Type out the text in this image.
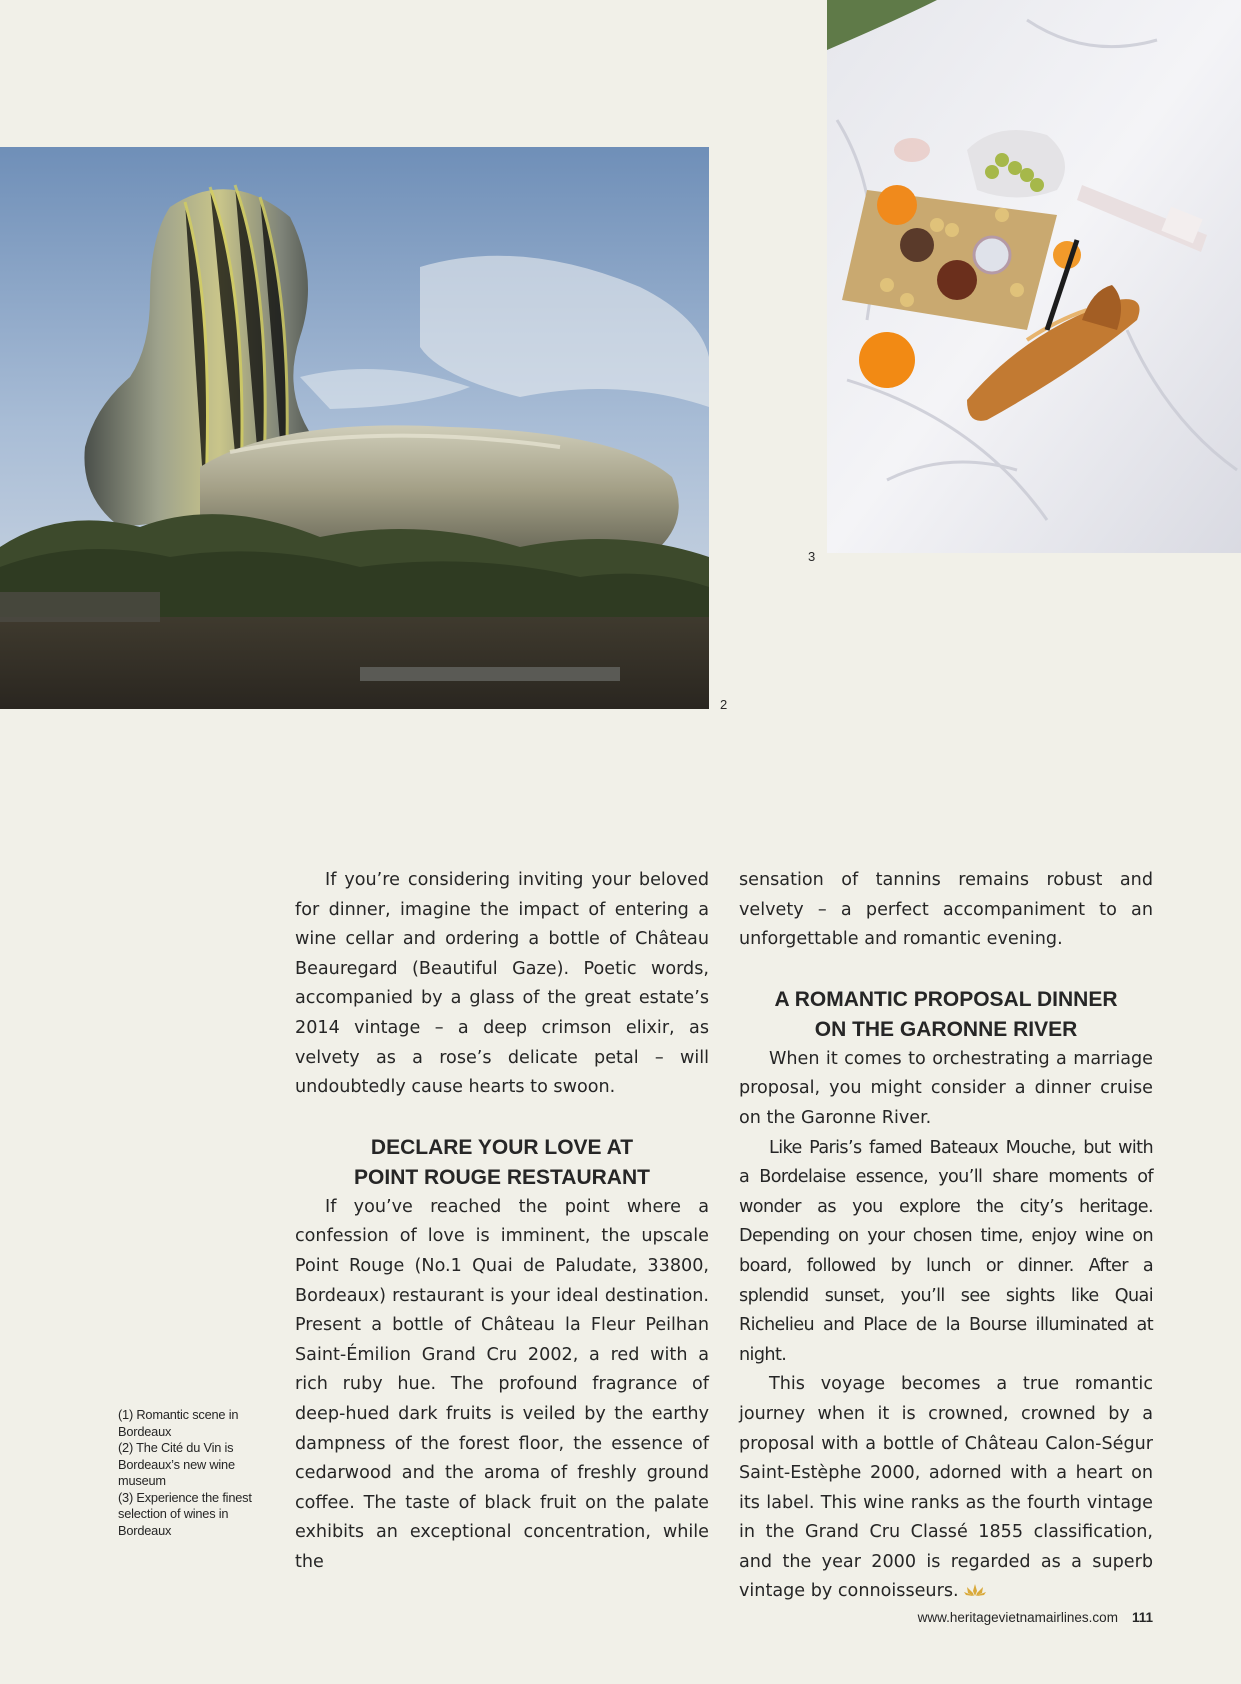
2
3

If you’re considering inviting your beloved for dinner, imagine the impact of entering a wine cellar and ordering a bottle of Château Beauregard (Beautiful Gaze). Poetic words, accompanied by a glass of the great estate’s 2014 vintage – a deep crimson elixir, as velvety as a rose’s delicate petal – will undoubtedly cause hearts to swoon.

DECLARE YOUR LOVE AT
POINT ROUGE RESTAURANT

If you’ve reached the point where a confession of love is imminent, the upscale Point Rouge (No.1 Quai de Paludate, 33800, Bordeaux) restaurant is your ideal destination. Present a bottle of Château la Fleur Peilhan Saint-Émilion Grand Cru 2002, a red with a rich ruby hue. The profound fragrance of deep-hued dark fruits is veiled by the earthy dampness of the forest floor, the essence of cedarwood and the aroma of freshly ground coffee. The taste of black fruit on the palate exhibits an exceptional concentration, while the

sensation of tannins remains robust and velvety – a perfect accompaniment to an unforgettable and romantic evening.

A ROMANTIC PROPOSAL DINNER
ON THE GARONNE RIVER

When it comes to orchestrating a marriage proposal, you might consider a dinner cruise on the Garonne River.

Like Paris’s famed Bateaux Mouche, but with a Bordelaise essence, you’ll share moments of wonder as you explore the city’s heritage. Depending on your chosen time, enjoy wine on board, followed by lunch or dinner. After a splendid sunset, you’ll see sights like Quai Richelieu and Place de la Bourse illuminated at night.

This voyage becomes a true romantic journey when it is crowned, crowned by a proposal with a bottle of Château Calon-Ségur Saint-Estèphe 2000, adorned with a heart on its label. This wine ranks as the fourth vintage in the Grand Cru Classé 1855 classification, and the year 2000 is regarded as a superb vintage by connoisseurs.

(1) Romantic scene in Bordeaux
(2) The Cité du Vin is Bordeaux’s new wine museum
(3) Experience the finest selection of wines in Bordeaux
www.heritagevietnamairlines.com 111
